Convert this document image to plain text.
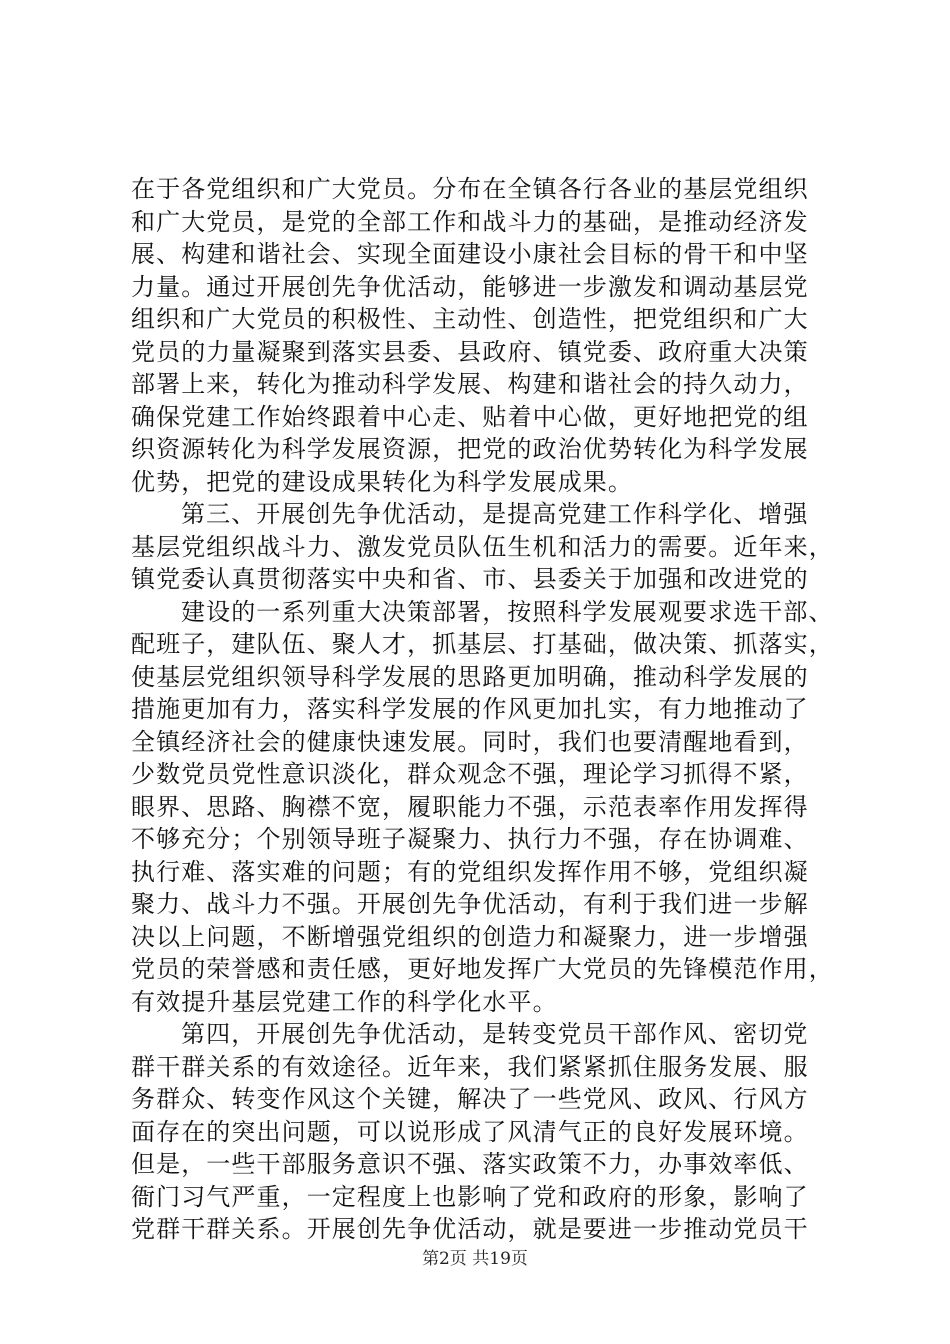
在于各党组织和广大党员。分布在全镇各行各业的基层党组织
和广大党员，是党的全部工作和战斗力的基础，是推动经济发
展、构建和谐社会、实现全面建设小康社会目标的骨干和中坚
力量。通过开展创先争优活动，能够进一步激发和调动基层党
组织和广大党员的积极性、主动性、创造性，把党组织和广大
党员的力量凝聚到落实县委、县政府、镇党委、政府重大决策
部署上来，转化为推动科学发展、构建和谐社会的持久动力，
确保党建工作始终跟着中心走、贴着中心做，更好地把党的组
织资源转化为科学发展资源，把党的政治优势转化为科学发展
优势，把党的建设成果转化为科学发展成果。
第三、开展创先争优活动，是提高党建工作科学化、增强
基层党组织战斗力、激发党员队伍生机和活力的需要。近年来，
镇党委认真贯彻落实中央和省、市、县委关于加强和改进党的
建设的一系列重大决策部署，按照科学发展观要求选干部、
配班子，建队伍、聚人才，抓基层、打基础，做决策、抓落实，
使基层党组织领导科学发展的思路更加明确，推动科学发展的
措施更加有力，落实科学发展的作风更加扎实，有力地推动了
全镇经济社会的健康快速发展。同时，我们也要清醒地看到，
少数党员党性意识淡化，群众观念不强，理论学习抓得不紧，
眼界、思路、胸襟不宽，履职能力不强，示范表率作用发挥得
不够充分；个别领导班子凝聚力、执行力不强，存在协调难、
执行难、落实难的问题；有的党组织发挥作用不够，党组织凝
聚力、战斗力不强。开展创先争优活动，有利于我们进一步解
决以上问题，不断增强党组织的创造力和凝聚力，进一步增强
党员的荣誉感和责任感，更好地发挥广大党员的先锋模范作用，
有效提升基层党建工作的科学化水平。
第四，开展创先争优活动，是转变党员干部作风、密切党
群干群关系的有效途径。近年来，我们紧紧抓住服务发展、服
务群众、转变作风这个关键，解决了一些党风、政风、行风方
面存在的突出问题，可以说形成了风清气正的良好发展环境。
但是，一些干部服务意识不强、落实政策不力，办事效率低、
衙门习气严重，一定程度上也影响了党和政府的形象，影响了
党群干群关系。开展创先争优活动，就是要进一步推动党员干
第2页 共19页
